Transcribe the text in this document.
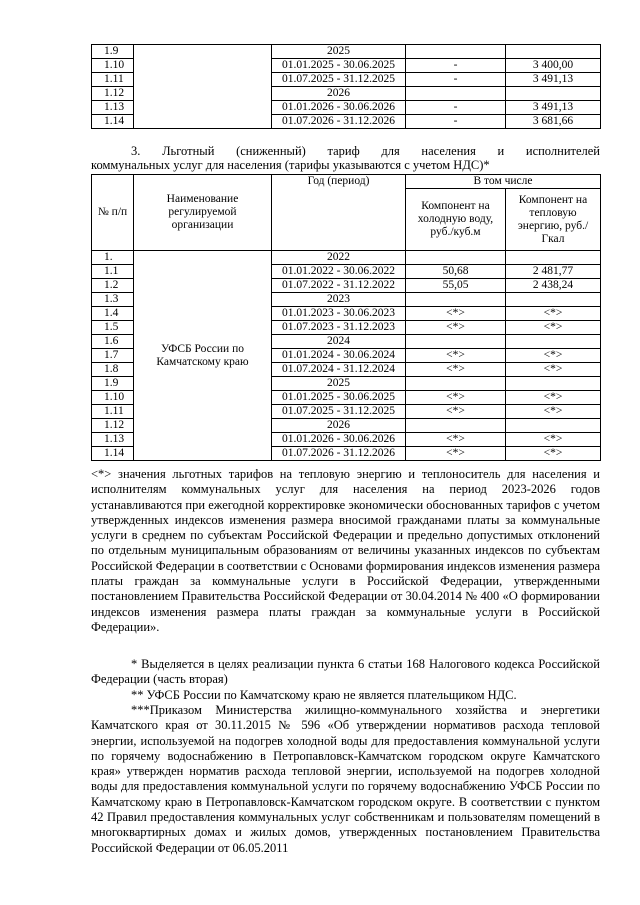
1.9		2025		
1.10		01.01.2025 - 30.06.2025	-	3 400,00
1.11		01.07.2025 - 31.12.2025	-	3 491,13
1.12		2026		
1.13		01.01.2026 - 30.06.2026	-	3 491,13
1.14		01.07.2026 - 31.12.2026	-	3 681,66
3. Льготный (сниженный) тариф для населения и исполнителей
коммунальных услуг для населения (тарифы указываются с учетом НДС)*
№ п/п	Наименование регулируемой организации	Год (период)	В том числе	
			Компонент на холодную воду, руб./куб.м	Компонент на тепловую энергию, руб./Гкал
1.	УФСБ России по Камчатскому краю	2022		
1.1		01.01.2022 - 30.06.2022	50,68	2 481,77
1.2		01.07.2022 - 31.12.2022	55,05	2 438,24
1.3		2023		
1.4		01.01.2023 - 30.06.2023	<*>	<*>
1.5		01.07.2023 - 31.12.2023	<*>	<*>
1.6		2024		
1.7		01.01.2024 - 30.06.2024	<*>	<*>
1.8		01.07.2024 - 31.12.2024	<*>	<*>
1.9		2025		
1.10		01.01.2025 - 30.06.2025	<*>	<*>
1.11		01.07.2025 - 31.12.2025	<*>	<*>
1.12		2026		
1.13		01.01.2026 - 30.06.2026	<*>	<*>
1.14		01.07.2026 - 31.12.2026	<*>	<*>

<*> значения льготных тарифов на тепловую энергию и теплоноситель для населения и исполнителям коммунальных услуг для населения на период 2023-2026 годов устанавливаются при ежегодной корректировке экономически обоснованных тарифов с учетом утвержденных индексов изменения размера вносимой гражданами платы за коммунальные услуги в среднем по субъектам Российской Федерации и предельно допустимых отклонений по отдельным муниципальным образованиям от величины указанных индексов по субъектам Российской Федерации в соответствии с Основами формирования индексов изменения размера платы граждан за коммунальные услуги в Российской Федерации, утвержденными постановлением Правительства Российской Федерации от 30.04.2014 № 400 «О формировании индексов изменения размера платы граждан за коммунальные услуги в Российской Федерации».

* Выделяется в целях реализации пункта 6 статьи 168 Налогового кодекса Российской Федерации (часть вторая)

** УФСБ России по Камчатскому краю не является плательщиком НДС.

***Приказом Министерства жилищно-коммунального хозяйства и энергетики Камчатского края от 30.11.2015 № 596 «Об утверждении нормативов расхода тепловой энергии, используемой на подогрев холодной воды для предоставления коммунальной услуги по горячему водоснабжению в Петропавловск-Камчатском городском округе Камчатского края» утвержден норматив расхода тепловой энергии, используемой на подогрев холодной воды для предоставления коммунальной услуги по горячему водоснабжению УФСБ России по Камчатскому краю в Петропавловск-Камчатском городском округе. В соответствии с пунктом 42 Правил предоставления коммунальных услуг собственникам и пользователям помещений в многоквартирных домах и жилых домов, утвержденных постановлением Правительства Российской Федерации от 06.05.2011
